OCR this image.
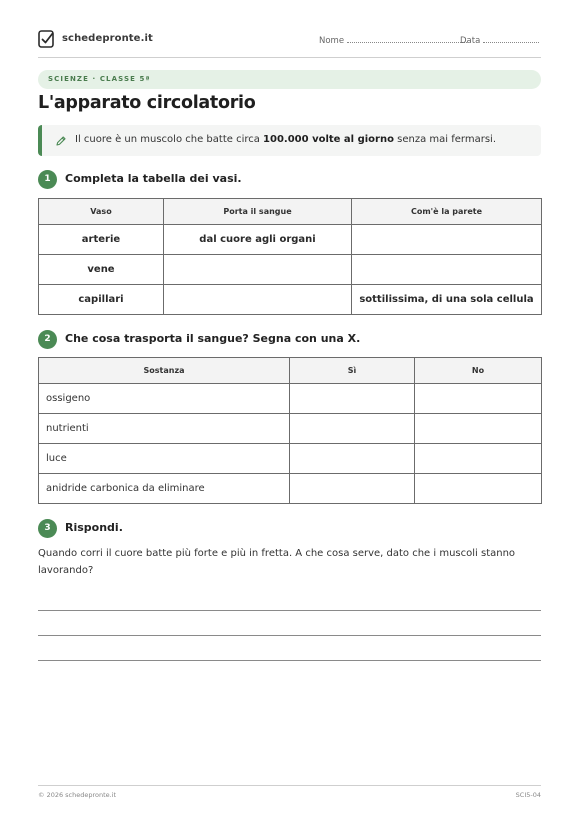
schedepronte.it	Nome	Data
SCIENZE · CLASSE 5ª
L'apparato circolatorio
Il cuore è un muscolo che batte circa 100.000 volte al giorno senza mai fermarsi.
1	Completa la tabella dei vasi.
Vaso	Porta il sangue	Com'è la parete
arterie	dal cuore agli organi	
vene		
capillari		sottilissima, di una sola cellula
2	Che cosa trasporta il sangue? Segna con una X.
Sostanza	Sì	No
ossigeno		
nutrienti		
luce		
anidride carbonica da eliminare		
3	Rispondi.
Quando corri il cuore batte più forte e più in fretta. A che cosa serve, dato che i muscoli stanno lavorando?
© 2026 schedepronte.it	SCI5-04
